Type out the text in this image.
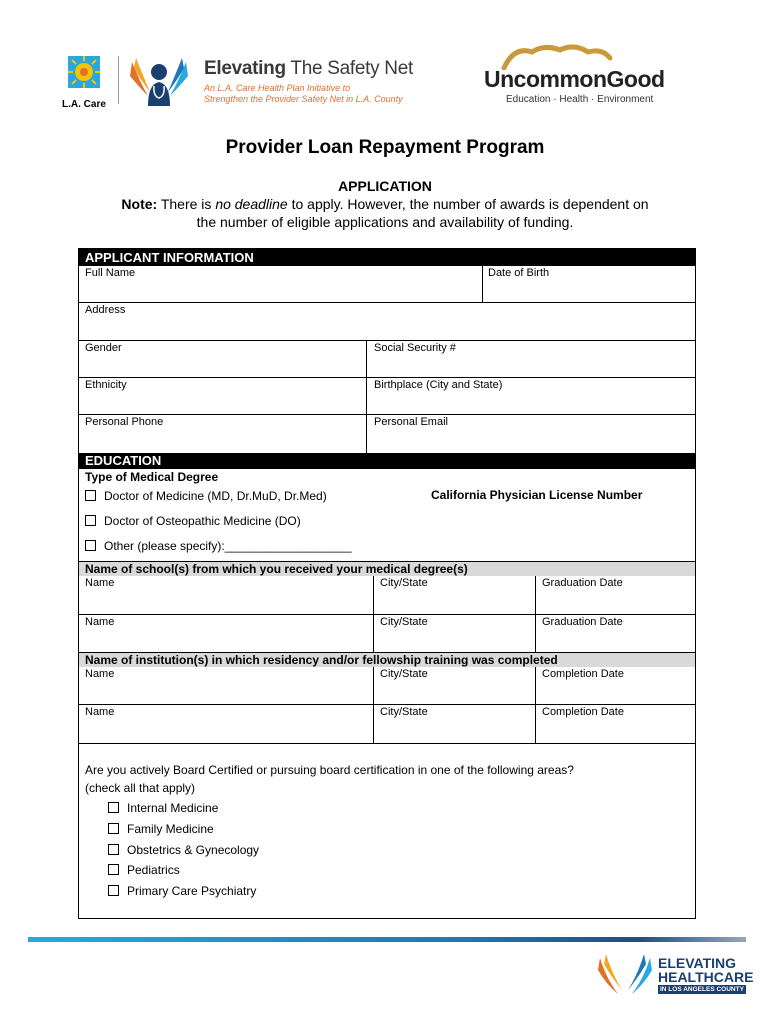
L.A. Care
Elevating The Safety Net
An L.A. Care Health Plan Initiative to
Strengthen the Provider Safety Net in L.A. County
UncommonGood
Education · Health · Environment
Provider Loan Repayment Program
APPLICATION
Note: There is no deadline to apply. However, the number of awards is dependent on
the number of eligible applications and availability of funding.
APPLICANT INFORMATION
Full Name	Date of Birth
Address
Gender	Social Security #
Ethnicity	Birthplace (City and State)
Personal Phone	Personal Email
EDUCATION
Type of Medical Degree
Doctor of Medicine (MD, Dr.MuD, Dr.Med)	California Physician License Number
Doctor of Osteopathic Medicine (DO)
Other (please specify):___________________
Name of school(s) from which you received your medical degree(s)
Name	City/State	Graduation Date
Name	City/State	Graduation Date
Name of institution(s) in which residency and/or fellowship training was completed
Name	City/State	Completion Date
Name	City/State	Completion Date
Are you actively Board Certified or pursuing board certification in one of the following areas?
(check all that apply)
Internal Medicine
Family Medicine
Obstetrics & Gynecology
Pediatrics
Primary Care Psychiatry
ELEVATING
HEALTHCARE
IN LOS ANGELES COUNTY
